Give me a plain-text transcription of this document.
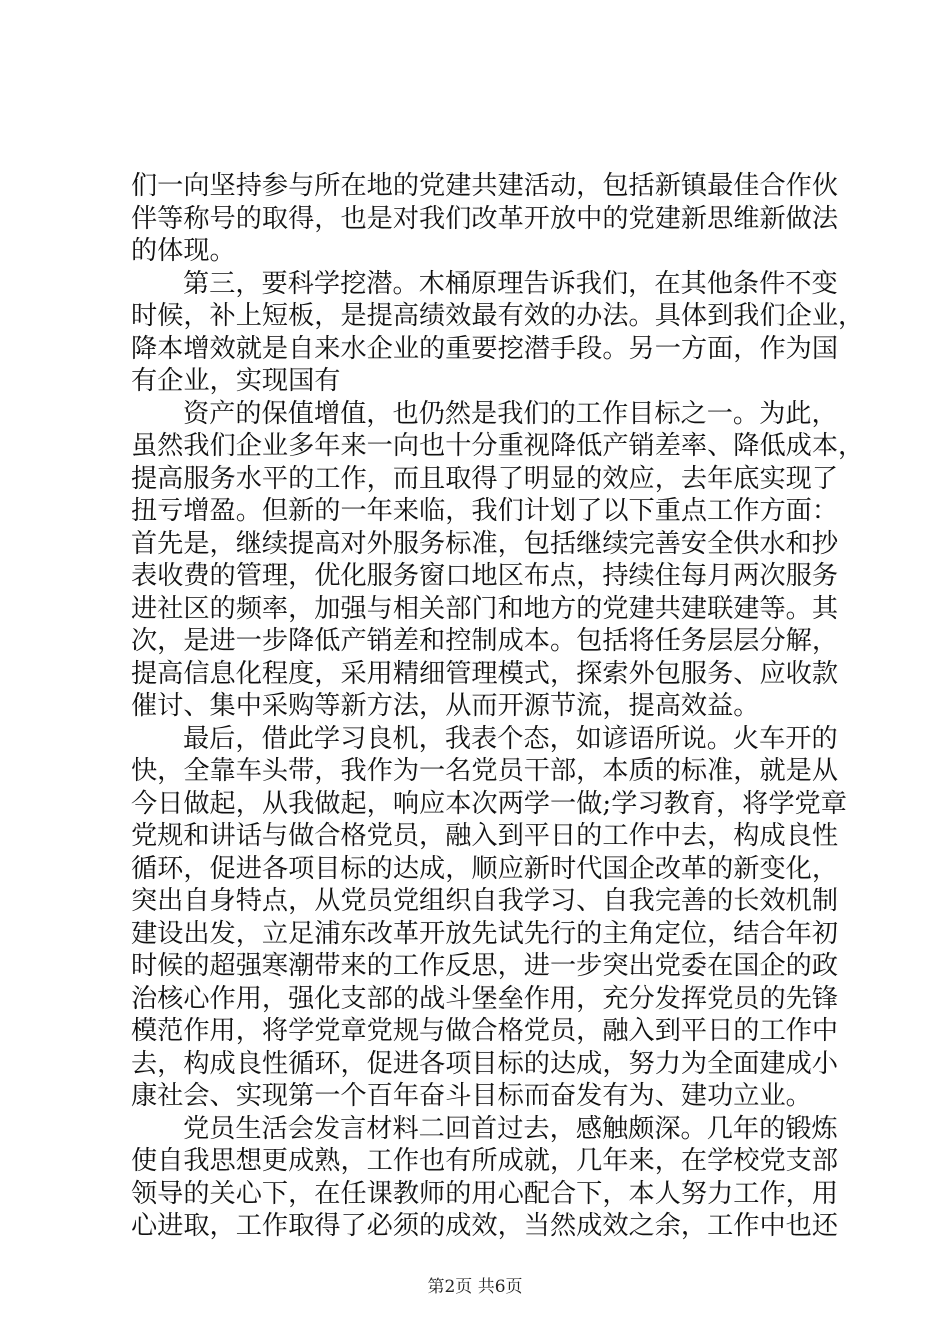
们一向坚持参与所在地的党建共建活动，包括新镇最佳合作伙
伴等称号的取得，也是对我们改革开放中的党建新思维新做法
的体现。
第三，要科学挖潜。木桶原理告诉我们，在其他条件不变
时候，补上短板，是提高绩效最有效的办法。具体到我们企业，
降本增效就是自来水企业的重要挖潜手段。另一方面，作为国
有企业，实现国有
资产的保值增值，也仍然是我们的工作目标之一。为此，
虽然我们企业多年来一向也十分重视降低产销差率、降低成本，
提高服务水平的工作，而且取得了明显的效应，去年底实现了
扭亏增盈。但新的一年来临，我们计划了以下重点工作方面：
首先是，继续提高对外服务标准，包括继续完善安全供水和抄
表收费的管理，优化服务窗口地区布点，持续住每月两次服务
进社区的频率，加强与相关部门和地方的党建共建联建等。其
次，是进一步降低产销差和控制成本。包括将任务层层分解，
提高信息化程度，采用精细管理模式，探索外包服务、应收款
催讨、集中采购等新方法，从而开源节流，提高效益。
最后，借此学习良机，我表个态，如谚语所说。火车开的
快，全靠车头带，我作为一名党员干部，本质的标准，就是从
今日做起，从我做起，响应本次两学一做;学习教育，将学党章
党规和讲话与做合格党员，融入到平日的工作中去，构成良性
循环，促进各项目标的达成，顺应新时代国企改革的新变化，
突出自身特点，从党员党组织自我学习、自我完善的长效机制
建设出发，立足浦东改革开放先试先行的主角定位，结合年初
时候的超强寒潮带来的工作反思，进一步突出党委在国企的政
治核心作用，强化支部的战斗堡垒作用，充分发挥党员的先锋
模范作用，将学党章党规与做合格党员，融入到平日的工作中
去，构成良性循环，促进各项目标的达成，努力为全面建成小
康社会、实现第一个百年奋斗目标而奋发有为、建功立业。
党员生活会发言材料二回首过去，感触颇深。几年的锻炼
使自我思想更成熟，工作也有所成就，几年来，在学校党支部
领导的关心下，在任课教师的用心配合下，本人努力工作，用
心进取，工作取得了必须的成效，当然成效之余，工作中也还
第2页 共6页
